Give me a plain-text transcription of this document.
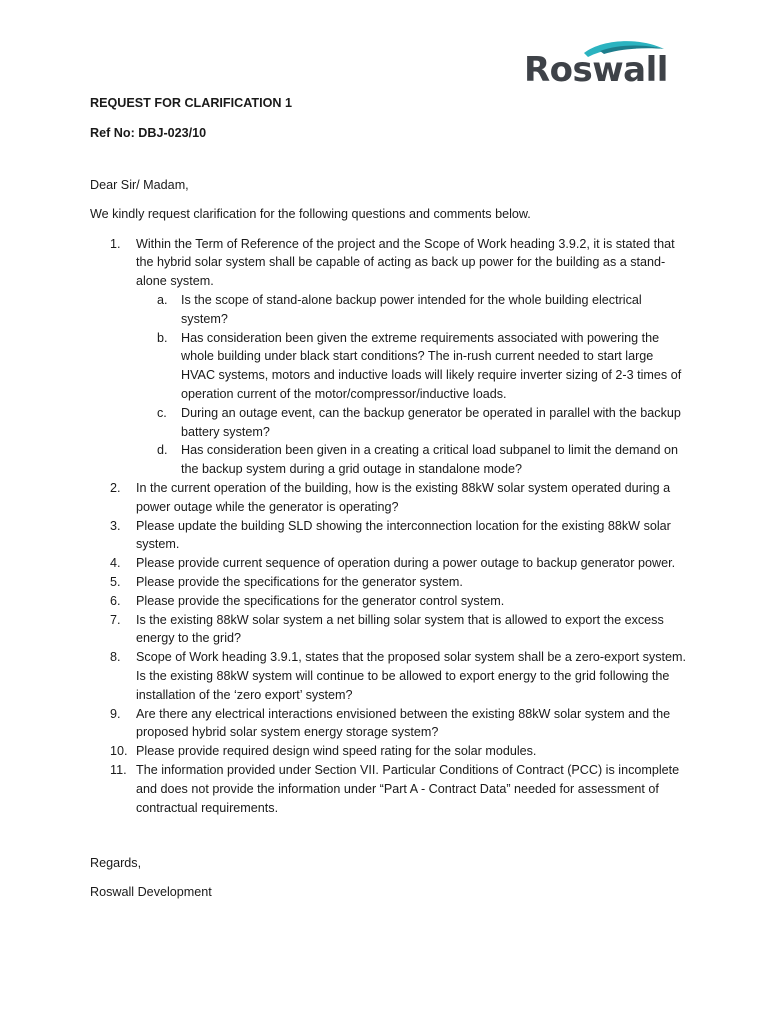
Roswall
REQUEST FOR CLARIFICATION 1
Ref No: DBJ-023/10
Dear Sir/ Madam,
We kindly request clarification for the following questions and comments below.
1. Within the Term of Reference of the project and the Scope of Work heading 3.9.2, it is stated that the hybrid solar system shall be capable of acting as back up power for the building as a stand-alone system.
a. Is the scope of stand-alone backup power intended for the whole building electrical system?
b. Has consideration been given the extreme requirements associated with powering the whole building under black start conditions? The in-rush current needed to start large HVAC systems, motors and inductive loads will likely require inverter sizing of 2-3 times of operation current of the motor/compressor/inductive loads.
c. During an outage event, can the backup generator be operated in parallel with the backup battery system?
d. Has consideration been given in a creating a critical load subpanel to limit the demand on the backup system during a grid outage in standalone mode?
2. In the current operation of the building, how is the existing 88kW solar system operated during a power outage while the generator is operating?
3. Please update the building SLD showing the interconnection location for the existing 88kW solar system.
4. Please provide current sequence of operation during a power outage to backup generator power.
5. Please provide the specifications for the generator system.
6. Please provide the specifications for the generator control system.
7. Is the existing 88kW solar system a net billing solar system that is allowed to export the excess energy to the grid?
8. Scope of Work heading 3.9.1, states that the proposed solar system shall be a zero-export system. Is the existing 88kW system will continue to be allowed to export energy to the grid following the installation of the ‘zero export’ system?
9. Are there any electrical interactions envisioned between the existing 88kW solar system and the proposed hybrid solar system energy storage system?
10. Please provide required design wind speed rating for the solar modules.
11. The information provided under Section VII. Particular Conditions of Contract (PCC) is incomplete and does not provide the information under “Part A - Contract Data” needed for assessment of contractual requirements.
Regards,
Roswall Development
